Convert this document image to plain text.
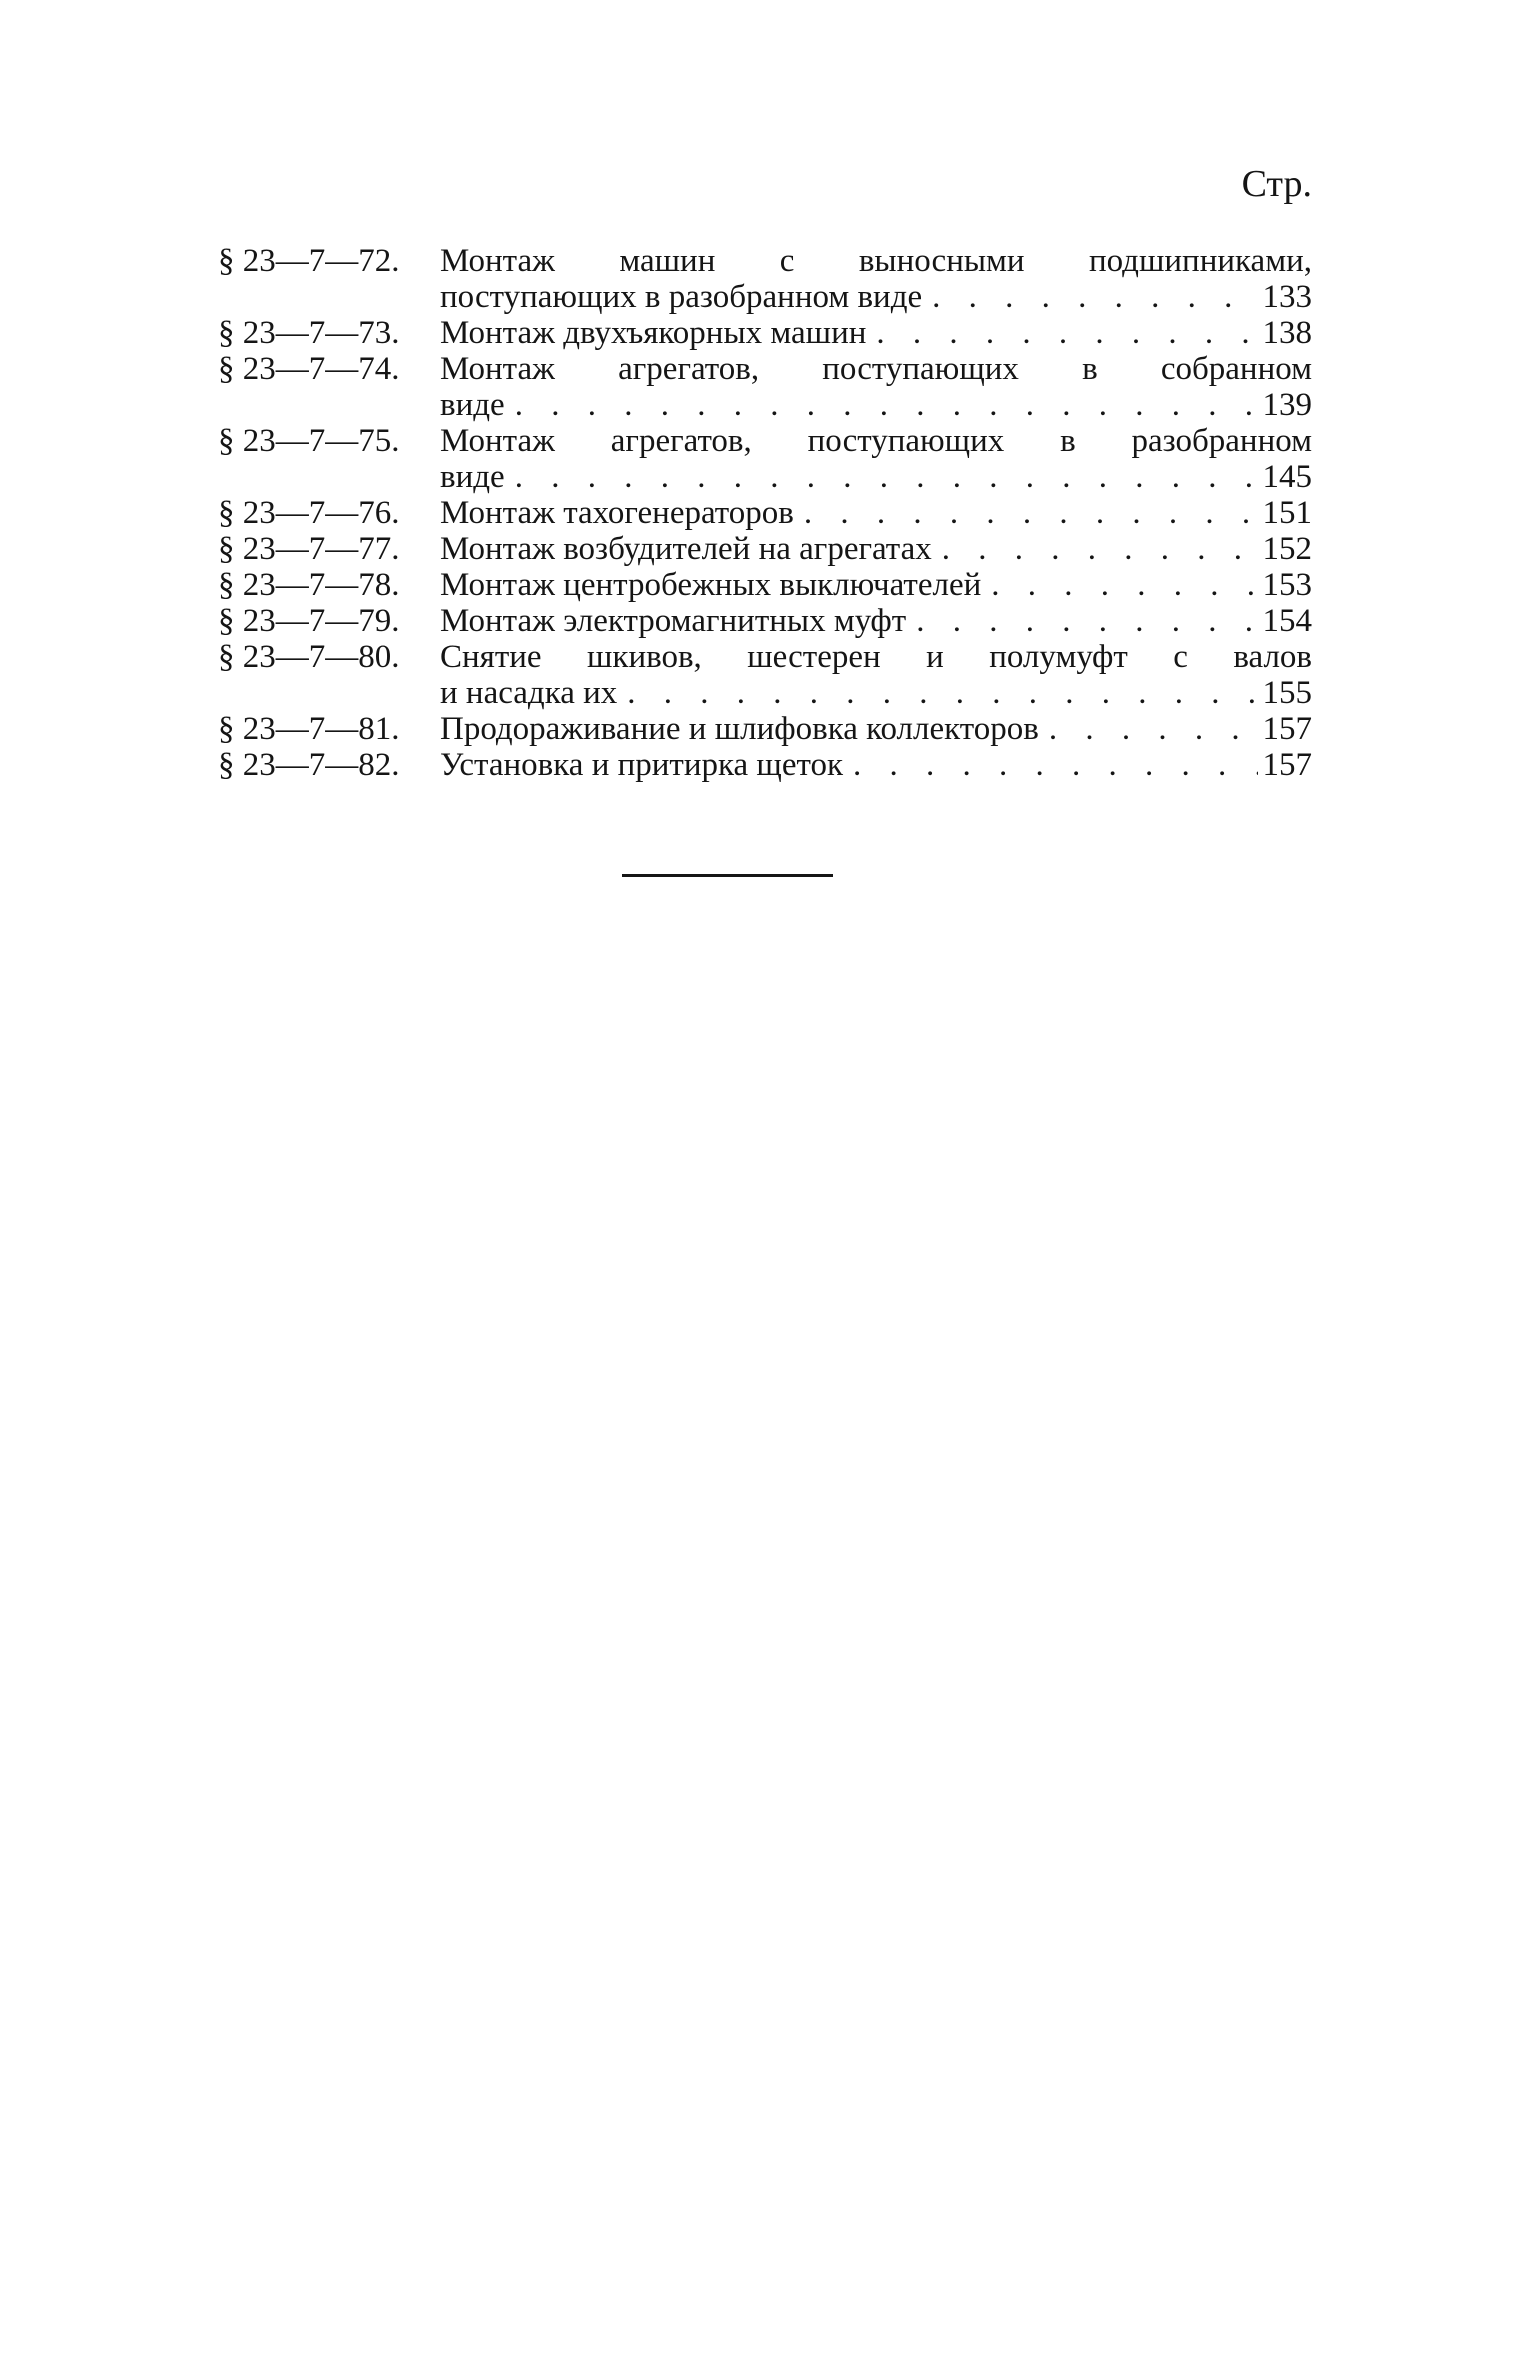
Стр.
§ 23—7—72.	Монтаж машин с выносными подшипниками,
поступающих в разобранном виде . . .	133
§ 23—7—73.	Монтаж двухъякорных машин . . .	138
§ 23—7—74.	Монтаж агрегатов, поступающих в собранном
виде . . .	139
§ 23—7—75.	Монтаж агрегатов, поступающих в разобранном
виде . . .	145
§ 23—7—76.	Монтаж тахогенераторов . . .	151
§ 23—7—77.	Монтаж возбудителей на агрегатах . . .	152
§ 23—7—78.	Монтаж центробежных выключателей . . .	153
§ 23—7—79.	Монтаж электромагнитных муфт . . .	154
§ 23—7—80.	Снятие шкивов, шестерен и полумуфт с валов
и насадка их . . .	155
§ 23—7—81.	Продораживание и шлифовка коллекторов . . .	157
§ 23—7—82.	Установка и притирка щеток . . .	157
